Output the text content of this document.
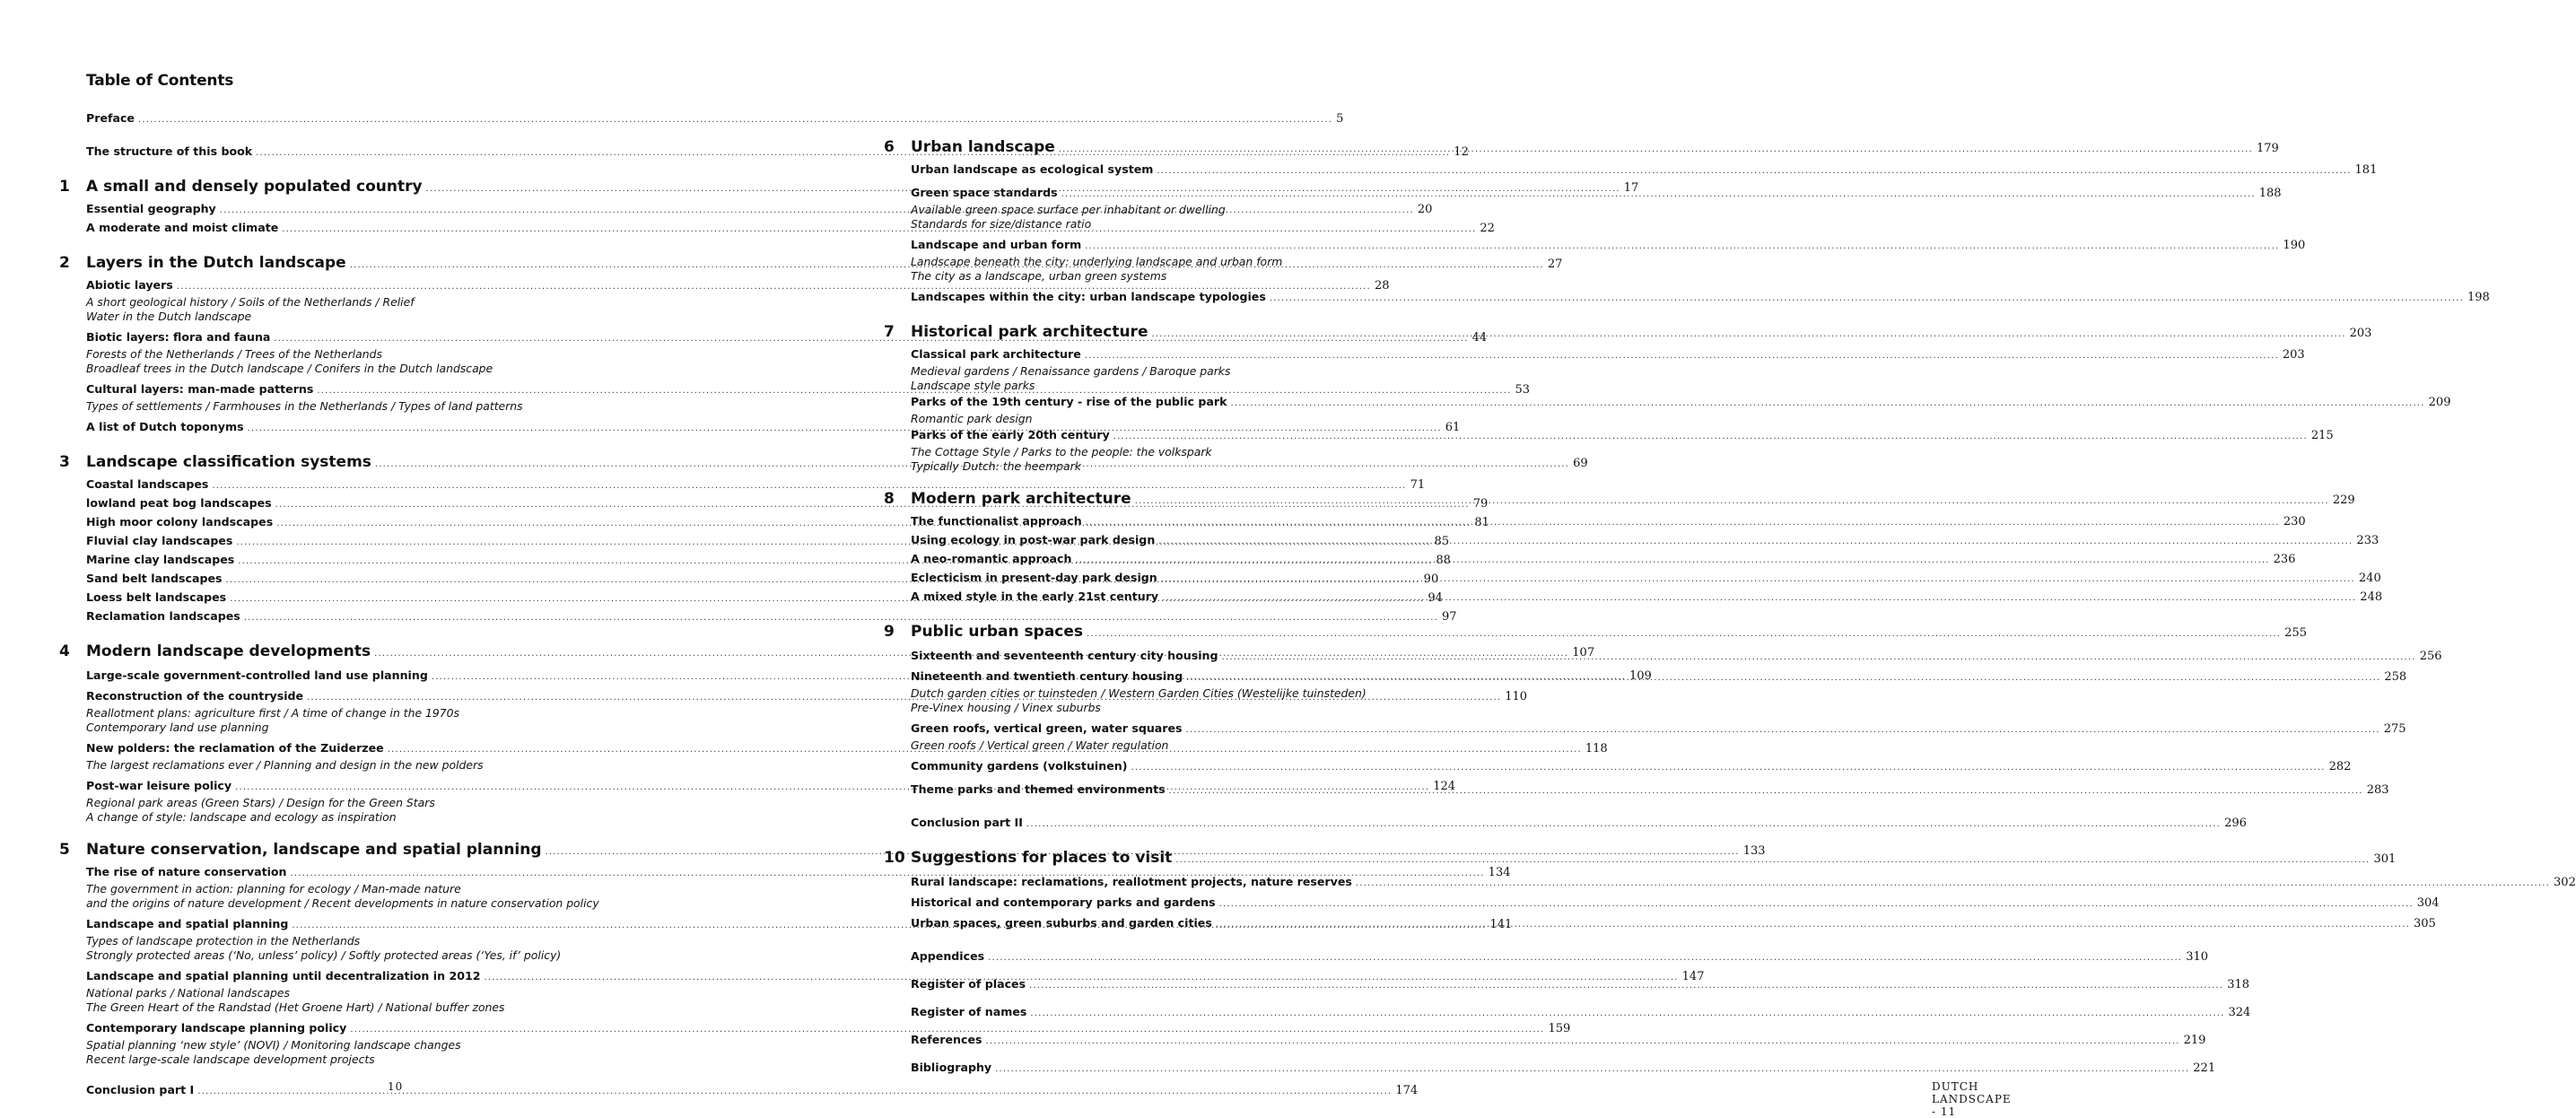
Table of Contents
Preface .....	5
The structure of this book .....	12
1 A small and densely populated country .....	17
Essential geography .....	20
A moderate and moist climate .....	22
2 Layers in the Dutch landscape .....	27
Abiotic layers .....	28
A short geological history / Soils of the Netherlands / Relief
Water in the Dutch landscape
Biotic layers: flora and fauna .....	44
Forests of the Netherlands / Trees of the Netherlands
Broadleaf trees in the Dutch landscape / Conifers in the Dutch landscape
Cultural layers: man-made patterns .....	53
Types of settlements / Farmhouses in the Netherlands / Types of land patterns
A list of Dutch toponyms .....	61
3 Landscape classification systems .....	69
Coastal landscapes .....	71
lowland peat bog landscapes .....	79
High moor colony landscapes .....	81
Fluvial clay landscapes .....	85
Marine clay landscapes .....	88
Sand belt landscapes .....	90
Loess belt landscapes .....	94
Reclamation landscapes .....	97
4 Modern landscape developments .....	107
Large-scale government-controlled land use planning .....	109
Reconstruction of the countryside .....	110
Reallotment plans: agriculture first / A time of change in the 1970s
Contemporary land use planning
New polders: the reclamation of the Zuiderzee .....	118
The largest reclamations ever / Planning and design in the new polders
Post-war leisure policy .....	124
Regional park areas (Green Stars) / Design for the Green Stars
A change of style: landscape and ecology as inspiration
5 Nature conservation, landscape and spatial planning .....	133
The rise of nature conservation .....	134
The government in action: planning for ecology / Man-made nature
and the origins of nature development / Recent developments in nature conservation policy
Landscape and spatial planning .....	141
Types of landscape protection in the Netherlands
Strongly protected areas (‘No, unless’ policy) / Softly protected areas (‘Yes, if’ policy)
Landscape and spatial planning until decentralization in 2012 .....	147
National parks / National landscapes
The Green Heart of the Randstad (Het Groene Hart) / National buffer zones
Contemporary landscape planning policy .....	159
Spatial planning ‘new style’ (NOVI) / Monitoring landscape changes
Recent large-scale landscape development projects
Conclusion part I .....	174
10
6 Urban landscape .....	179
Urban landscape as ecological system .....	181
Green space standards .....	188
Available green space surface per inhabitant or dwelling
Standards for size/distance ratio
Landscape and urban form .....	190
Landscape beneath the city: underlying landscape and urban form
The city as a landscape, urban green systems
Landscapes within the city: urban landscape typologies .....	198
7 Historical park architecture .....	203
Classical park architecture .....	203
Medieval gardens / Renaissance gardens / Baroque parks
Landscape style parks
Parks of the 19th century - rise of the public park .....	209
Romantic park design
Parks of the early 20th century .....	215
The Cottage Style / Parks to the people: the volkspark
Typically Dutch: the heempark
8 Modern park architecture .....	229
The functionalist approach .....	230
Using ecology in post-war park design .....	233
A neo-romantic approach .....	236
Eclecticism in present-day park design .....	240
A mixed style in the early 21st century .....	248
9 Public urban spaces .....	255
Sixteenth and seventeenth century city housing .....	256
Nineteenth and twentieth century housing .....	258
Dutch garden cities or tuinsteden / Western Garden Cities (Westelijke tuinsteden)
Pre-Vinex housing / Vinex suburbs
Green roofs, vertical green, water squares .....	275
Green roofs / Vertical green / Water regulation
Community gardens (volkstuinen) .....	282
Theme parks and themed environments .....	283
Conclusion part II .....	296
10 Suggestions for places to visit .....	301
Rural landscape: reclamations, reallotment projects, nature reserves .....	302
Historical and contemporary parks and gardens .....	304
Urban spaces, green suburbs and garden cities .....	305
Appendices .....	310
Register of places .....	318
Register of names .....	324
References .....	219
Bibliography .....	221
DUTCH LANDSCAPE - 11
